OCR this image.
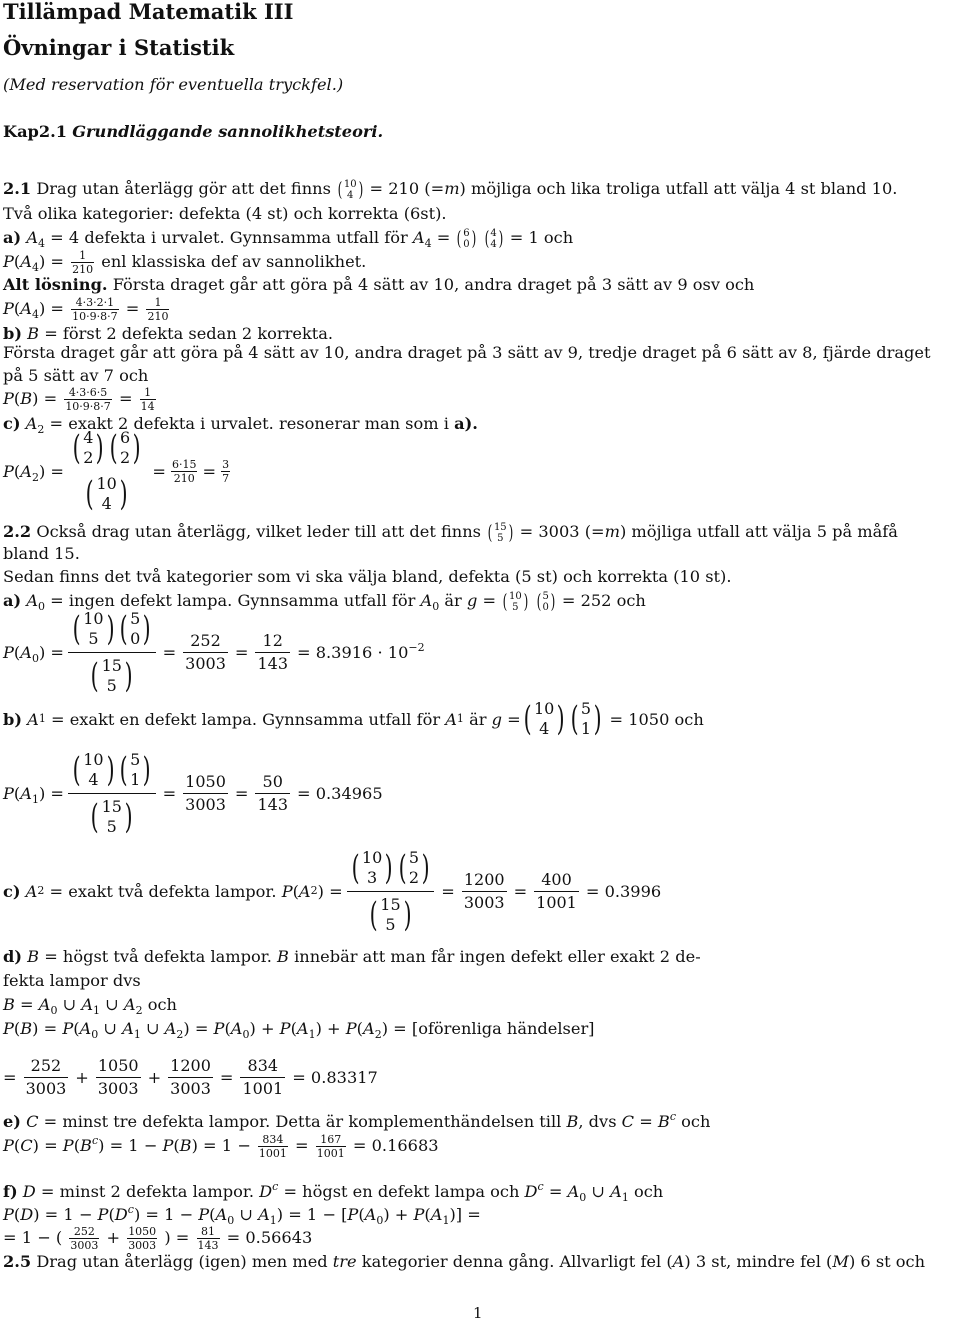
Tillämpad Matematik III
Övningar i Statistik
(Med reservation för eventuella tryckfel.)
Kap2.1 Grundläggande sannolikhetsteori.
2.1 Drag utan återlägg gör att det finns ( 10
4 ) = 210 (=m) möjliga och lika troliga utfall att välja 4 st bland 10.
Två olika kategorier: defekta (4 st) och korrekta (6st).
a) $A_4 = 4$ defekta i urvalet. Gynnsamma utfall för $A_4$ = ( 6
0 )
( 4
4 ) = 1 och
$P(A_4) = \frac{1}{210}$ enl klassiska def av sannolikhet.
Alt lösning. Första draget går att göra på 4 sätt av 10, andra draget på 3 sätt av 9 osv och
$P(A_4) = \frac{4\cdot 3\cdot 2\cdot 1}{10\cdot 9\cdot 8\cdot 7} = \frac{1}{210}$
b) B = först 2 defekta sedan 2 korrekta.
Första draget går att göra på 4 sätt av 10, andra draget på 3 sätt av 9, tredje draget på 6 sätt av 8, fjärde draget på 5 sätt av 7 och
$P(B) = \frac{4\cdot 3\cdot 6\cdot 5}{10\cdot 9\cdot 8\cdot 7} = \frac{1}{14}$
c) $A_2$ = exakt 2 defekta i urvalet. resonerar man som i a).
$P(A_2)$ =
( 4
2 ) ( 6
2 )
( 10
4 )
= $\frac{6\cdot 15}{210} = \frac{3}{7}$
2.2 Också drag utan återlägg, vilket leder till att det finns ( 15
5 ) = 3003 (=m) möjliga utfall att välja 5 på måfå
bland 15.
Sedan finns det två kategorier som vi ska välja bland, defekta (5 st) och korrekta (10 st).
a) $A_0$ = ingen defekt lampa. Gynnsamma utfall för $A_0$ är g = ( 10
5 )
( 5
0 ) = 252 och
$P(A_0)$ = ( 10
5 ) ( 5
0 )
( 15
5 ) = $\frac{252}{3003} = \frac{12}{143} = 8.3916 \cdot 10^{-2}$
b)
A 1
= exakt en defekt lampa. Gynnsamma utfall för
A 1
är
g = ( 10
4 ) ( 5
1 )
= 1050 och
$P(A_1)$ = ( 10
4 ) ( 5
1 )
( 15
5 ) = $\frac{1050}{3003} = \frac{50}{143} = 0.34965$
c)
A 2
= exakt två defekta lampor.
P ( A 2 ) = ( 10
3 ) ( 5
2 )
( 15
5 ) = $\frac{1200}{3003} = \frac{400}{1001} = 0.3996$
d) B = högst två defekta lampor. B innebär att man får ingen defekt eller exakt 2 de-
fekta lampor dvs
$B = A_0$ ∪ $A_1$ ∪ $A_2$ och
$P(B) = P(A_0$ ∪ $A_1$ ∪ $A_2) = P(A_0) + P(A_1) + P(A_2)$ = [oförenliga händelser]
= $\frac{252}{3003} + \frac{1050}{3003} + \frac{1200}{3003} = \frac{834}{1001} = 0.83317$
e) C = minst tre defekta lampor. Detta är komplementhändelsen till B, dvs $C = B^c$ och
$P(C) = P(B^c) = 1 - P(B) = 1 - \frac{834}{1001} = \frac{167}{1001} = 0.16683$
f) D = minst 2 defekta lampor. $D^c$ = högst en defekt lampa och $D^c = A_0$ ∪ $A_1$ och
$P(D) = 1 - P(D^c) = 1 - P(A_0$ ∪ $A_1) = 1 - [P(A_0) + P(A_1)]$ =
= 1 − ( $\frac{252}{3003} + \frac{1050}{3003}$ ) = $\frac{81}{143} = 0.56643$
2.5 Drag utan återlägg (igen) men med tre kategorier denna gång. Allvarligt fel (A) 3 st, mindre fel (M) 6 st och
1
